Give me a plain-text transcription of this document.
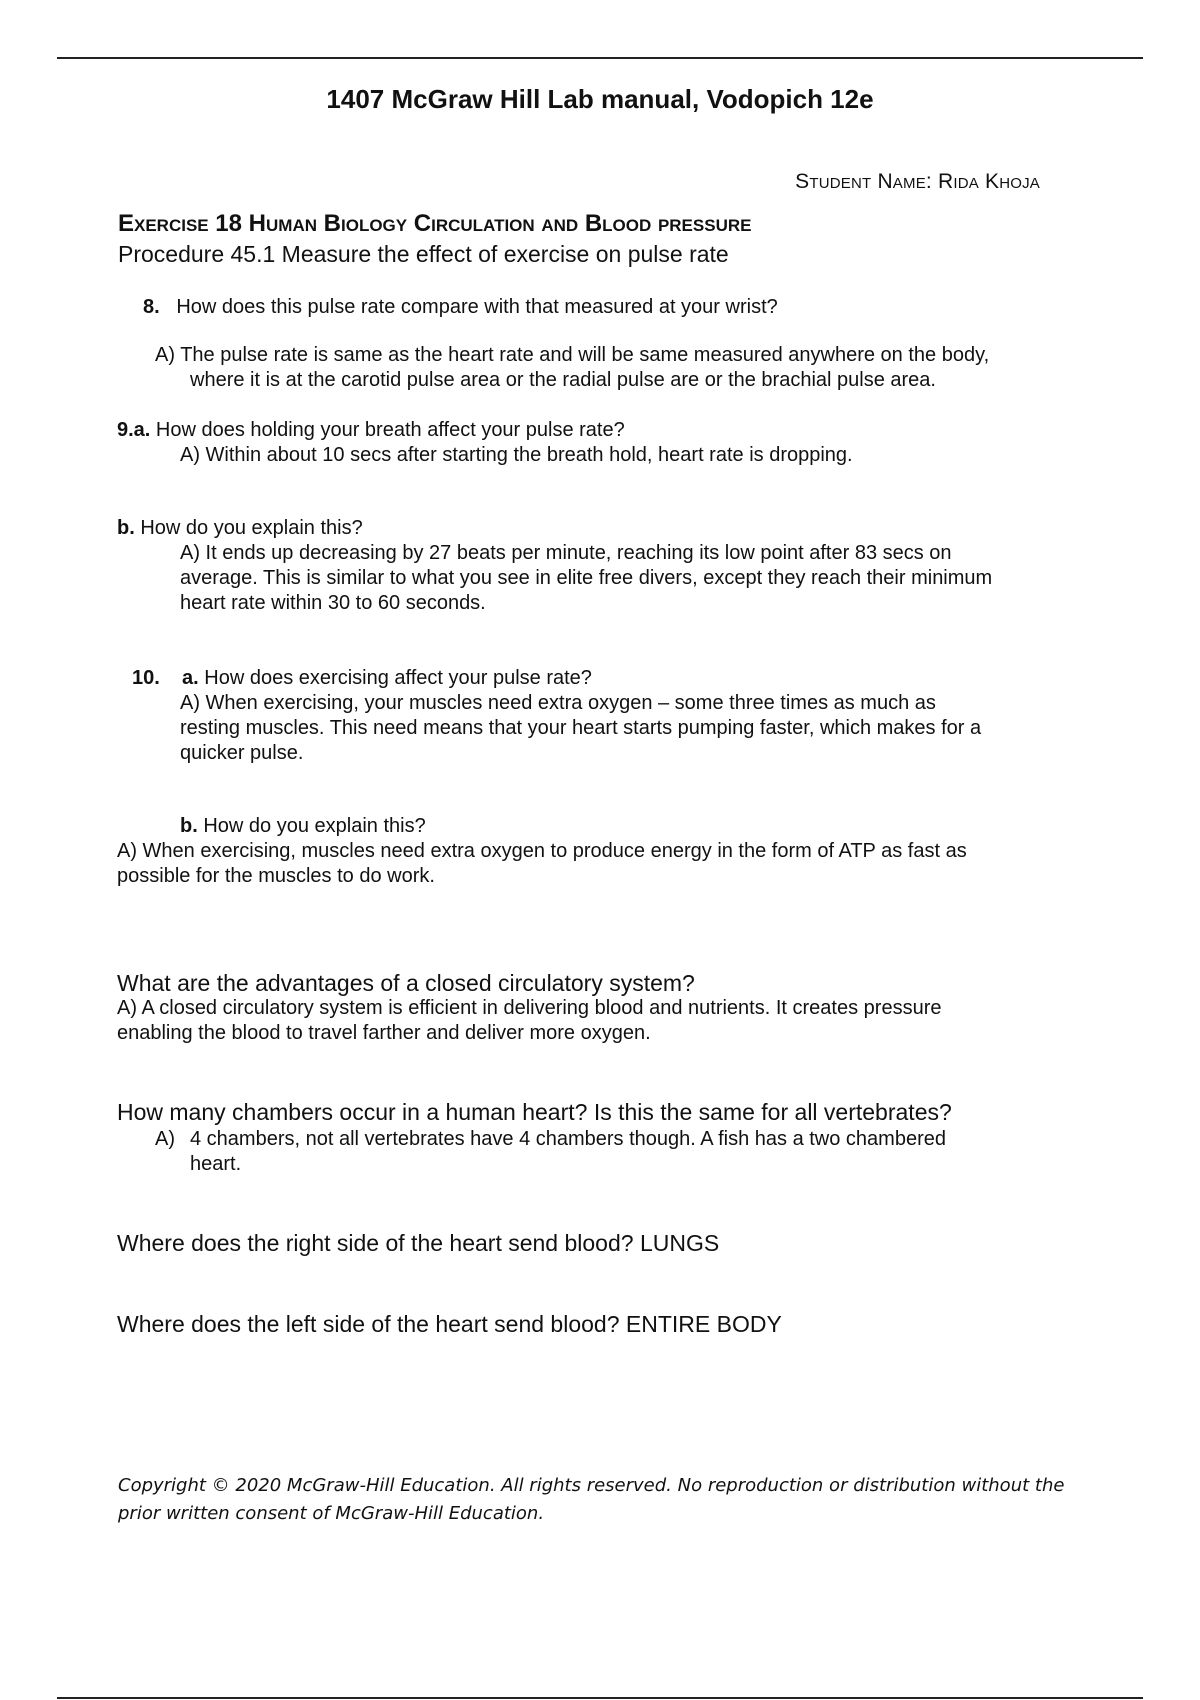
1407 McGraw Hill Lab manual, Vodopich 12e
Student Name: Rida Khoja
Exercise 18 Human Biology Circulation and Blood pressure
Procedure 45.1 Measure the effect of exercise on pulse rate
8. How does this pulse rate compare with that measured at your wrist?
A) The pulse rate is same as the heart rate and will be same measured anywhere on the body,
where it is at the carotid pulse area or the radial pulse are or the brachial pulse area.
9.a. How does holding your breath affect your pulse rate?
A) Within about 10 secs after starting the breath hold, heart rate is dropping.
b. How do you explain this?
A) It ends up decreasing by 27 beats per minute, reaching its low point after 83 secs on
average. This is similar to what you see in elite free divers, except they reach their minimum
heart rate within 30 to 60 seconds.
10. a. How does exercising affect your pulse rate?
A) When exercising, your muscles need extra oxygen – some three times as much as
resting muscles. This need means that your heart starts pumping faster, which makes for a
quicker pulse.
b. How do you explain this?
A) When exercising, muscles need extra oxygen to produce energy in the form of ATP as fast as
possible for the muscles to do work.
What are the advantages of a closed circulatory system?
A) A closed circulatory system is efficient in delivering blood and nutrients. It creates pressure
enabling the blood to travel farther and deliver more oxygen.
How many chambers occur in a human heart? Is this the same for all vertebrates?
A) 4 chambers, not all vertebrates have 4 chambers though. A fish has a two chambered
heart.
Where does the right side of the heart send blood? LUNGS
Where does the left side of the heart send blood? ENTIRE BODY
Copyright © 2020 McGraw-Hill Education. All rights reserved. No reproduction or distribution without the prior written consent of McGraw-Hill Education.
